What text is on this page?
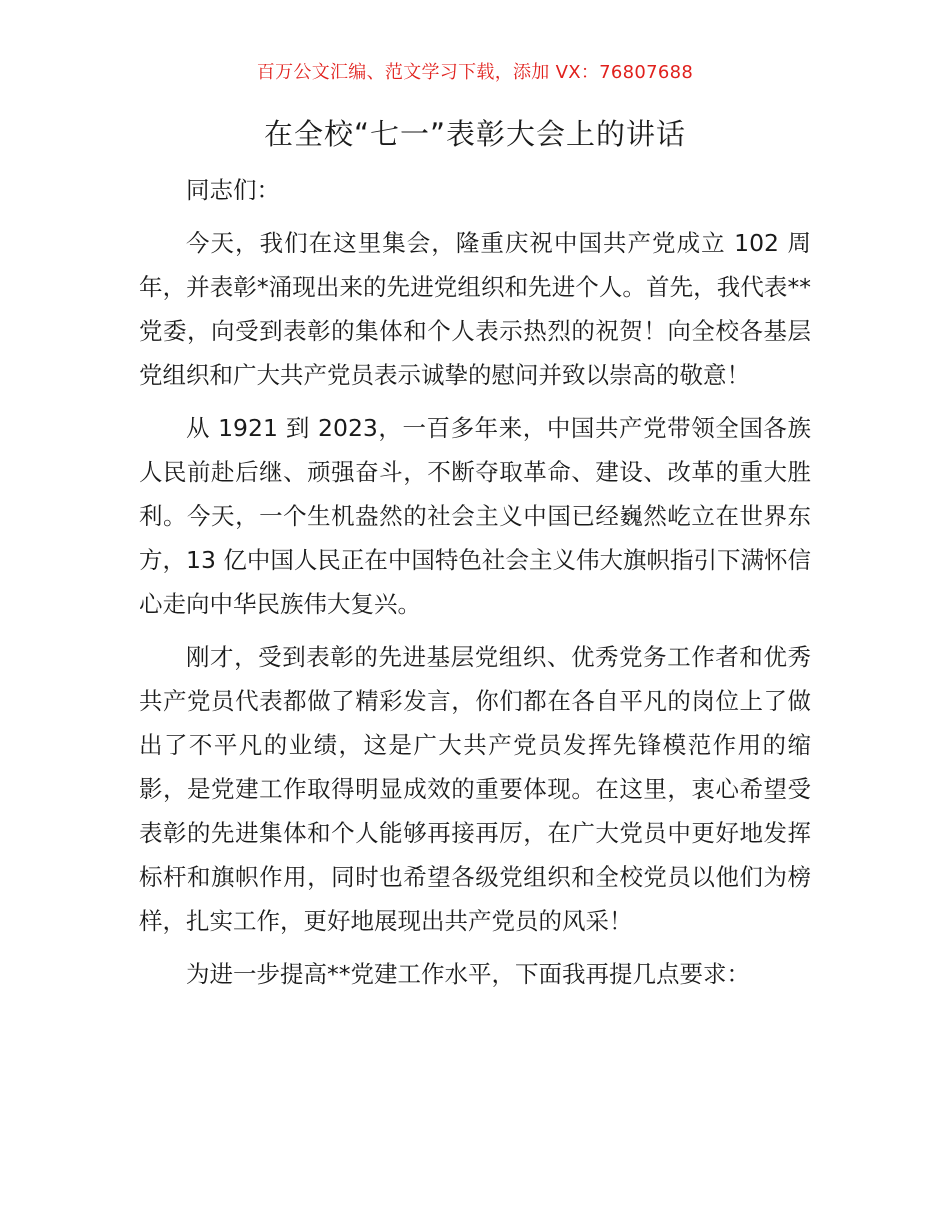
百万公文汇编、范文学习下载，添加 VX：76807688
在全校“七一”表彰大会上的讲话

同志们：

今天，我们在这里集会，隆重庆祝中国共产党成立 102 周年，并表彰*涌现出来的先进党组织和先进个人。首先，我代表**党委，向受到表彰的集体和个人表示热烈的祝贺！向全校各基层党组织和广大共产党员表示诚挚的慰问并致以崇高的敬意！

从 1921 到 2023，一百多年来，中国共产党带领全国各族人民前赴后继、顽强奋斗，不断夺取革命、建设、改革的重大胜利。今天，一个生机盎然的社会主义中国已经巍然屹立在世界东方，13 亿中国人民正在中国特色社会主义伟大旗帜指引下满怀信心走向中华民族伟大复兴。

刚才，受到表彰的先进基层党组织、优秀党务工作者和优秀共产党员代表都做了精彩发言，你们都在各自平凡的岗位上了做出了不平凡的业绩，这是广大共产党员发挥先锋模范作用的缩影，是党建工作取得明显成效的重要体现。在这里，衷心希望受表彰的先进集体和个人能够再接再厉，在广大党员中更好地发挥标杆和旗帜作用，同时也希望各级党组织和全校党员以他们为榜样，扎实工作，更好地展现出共产党员的风采！

为进一步提高**党建工作水平，下面我再提几点要求：
